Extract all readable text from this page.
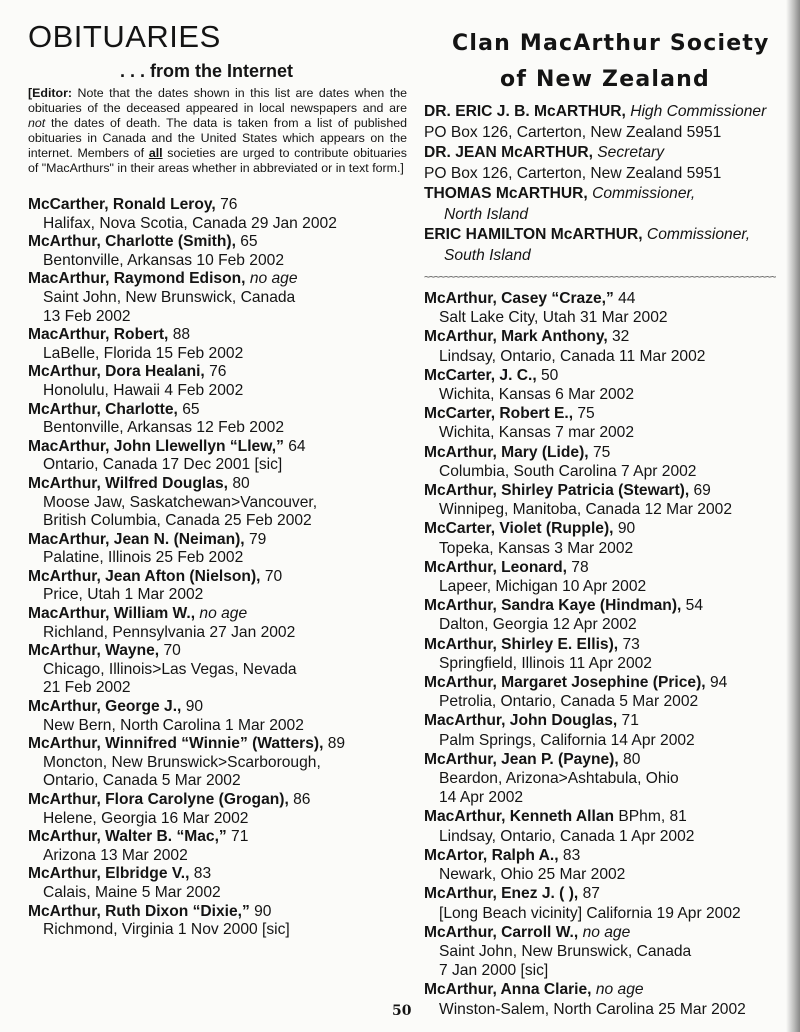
OBITUARIES
. . . from the Internet

[Editor: Note that the dates shown in this list are dates when the obituaries of the deceased appeared in local newspapers and are not the dates of death. The data is taken from a list of published obituaries in Canada and the United States which appears on the internet. Members of all societies are urged to contribute obituaries of "MacArthurs" in their areas whether in abbreviated or in text form.]

McCarther, Ronald Leroy, 76
Halifax, Nova Scotia, Canada 29 Jan 2002
McArthur, Charlotte (Smith), 65
Bentonville, Arkansas 10 Feb 2002
MacArthur, Raymond Edison, no age
Saint John, New Brunswick, Canada
13 Feb 2002
MacArthur, Robert, 88
LaBelle, Florida 15 Feb 2002
McArthur, Dora Healani, 76
Honolulu, Hawaii 4 Feb 2002
McArthur, Charlotte, 65
Bentonville, Arkansas 12 Feb 2002
MacArthur, John Llewellyn “Llew,” 64
Ontario, Canada 17 Dec 2001 [sic]
McArthur, Wilfred Douglas, 80
Moose Jaw, Saskatchewan>Vancouver,
British Columbia, Canada 25 Feb 2002
MacArthur, Jean N. (Neiman), 79
Palatine, Illinois 25 Feb 2002
McArthur, Jean Afton (Nielson), 70
Price, Utah 1 Mar 2002
MacArthur, William W., no age
Richland, Pennsylvania 27 Jan 2002
McArthur, Wayne, 70
Chicago, Illinois>Las Vegas, Nevada
21 Feb 2002
McArthur, George J., 90
New Bern, North Carolina 1 Mar 2002
McArthur, Winnifred “Winnie” (Watters), 89
Moncton, New Brunswick>Scarborough,
Ontario, Canada 5 Mar 2002
McArthur, Flora Carolyne (Grogan), 86
Helene, Georgia 16 Mar 2002
McArthur, Walter B. “Mac,” 71
Arizona 13 Mar 2002
McArthur, Elbridge V., 83
Calais, Maine 5 Mar 2002
McArthur, Ruth Dixon “Dixie,” 90
Richmond, Virginia 1 Nov 2000 [sic]
Clan MacArthur Society
of New Zealand
DR. ERIC J. B. McARTHUR, High Commissioner
PO Box 126, Carterton, New Zealand 5951
DR. JEAN McARTHUR, Secretary
PO Box 126, Carterton, New Zealand 5951
THOMAS McARTHUR, Commissioner,
North Island
ERIC HAMILTON McARTHUR, Commissioner,
South Island
~~~~~~~~~~~~~~~~~~~~~~~~~~~~~~~~~~~~~~~~~~~~~~~~~~~~~~~~~~~~~~~~~~~~~~
McArthur, Casey “Craze,” 44
Salt Lake City, Utah 31 Mar 2002
McArthur, Mark Anthony, 32
Lindsay, Ontario, Canada 11 Mar 2002
McCarter, J. C., 50
Wichita, Kansas 6 Mar 2002
McCarter, Robert E., 75
Wichita, Kansas 7 mar 2002
McArthur, Mary (Lide), 75
Columbia, South Carolina 7 Apr 2002
McArthur, Shirley Patricia (Stewart), 69
Winnipeg, Manitoba, Canada 12 Mar 2002
McCarter, Violet (Rupple), 90
Topeka, Kansas 3 Mar 2002
McArthur, Leonard, 78
Lapeer, Michigan 10 Apr 2002
McArthur, Sandra Kaye (Hindman), 54
Dalton, Georgia 12 Apr 2002
McArthur, Shirley E. Ellis), 73
Springfield, Illinois 11 Apr 2002
McArthur, Margaret Josephine (Price), 94
Petrolia, Ontario, Canada 5 Mar 2002
MacArthur, John Douglas, 71
Palm Springs, California 14 Apr 2002
McArthur, Jean P. (Payne), 80
Beardon, Arizona>Ashtabula, Ohio
14 Apr 2002
MacArthur, Kenneth Allan BPhm, 81
Lindsay, Ontario, Canada 1 Apr 2002
McArtor, Ralph A., 83
Newark, Ohio 25 Mar 2002
McArthur, Enez J. ( ), 87
[Long Beach vicinity] California 19 Apr 2002
McArthur, Carroll W., no age
Saint John, New Brunswick, Canada
7 Jan 2000 [sic]
McArthur, Anna Clarie, no age
Winston-Salem, North Carolina 25 Mar 2002
50
